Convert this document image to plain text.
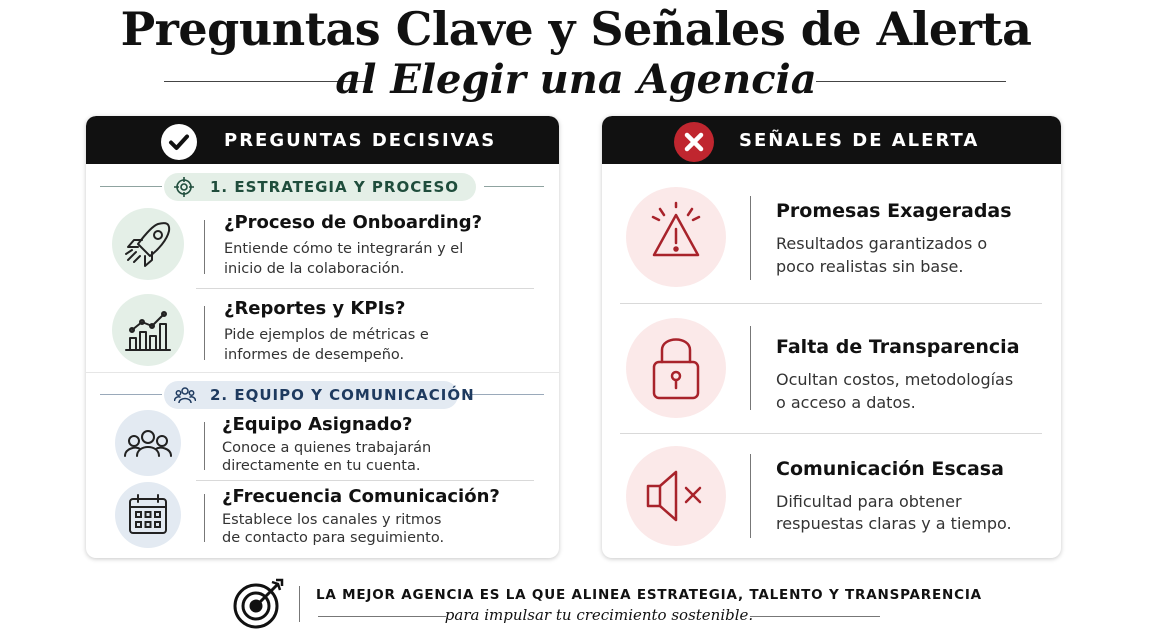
Preguntas Clave y Señales de Alerta
al Elegir una Agencia
PREGUNTAS DECISIVAS
1. ESTRATEGIA Y PROCESO
¿Proceso de Onboarding?
Entiende cómo te integrarán y el
inicio de la colaboración.
¿Reportes y KPIs?
Pide ejemplos de métricas e
informes de desempeño.
2. EQUIPO Y COMUNICACIÓN
¿Equipo Asignado?
Conoce a quienes trabajarán
directamente en tu cuenta.
¿Frecuencia Comunicación?
Establece los canales y ritmos
de contacto para seguimiento.
SEÑALES DE ALERTA
Promesas Exageradas
Resultados garantizados o
poco realistas sin base.
Falta de Transparencia
Ocultan costos, metodologías
o acceso a datos.
Comunicación Escasa
Dificultad para obtener
respuestas claras y a tiempo.
LA MEJOR AGENCIA ES LA QUE ALINEA ESTRATEGIA, TALENTO Y TRANSPARENCIA
para impulsar tu crecimiento sostenible.
